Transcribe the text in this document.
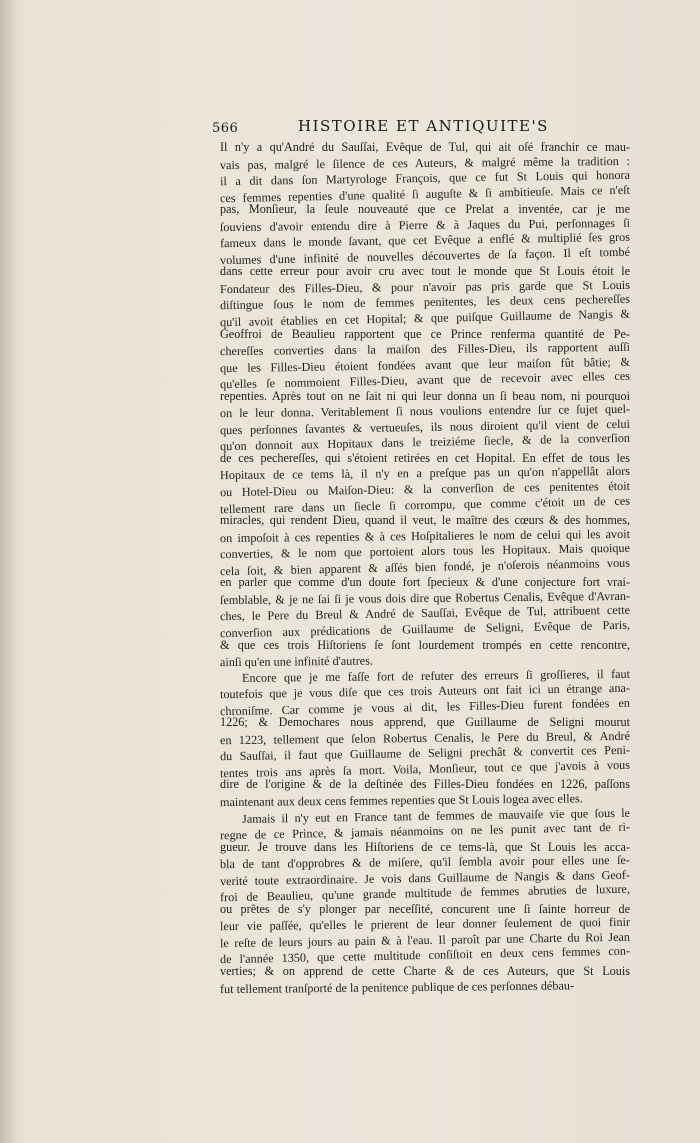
566	HISTOIRE ET ANTIQUITE'S
Il n'y a qu'André du Sauſſai, Evêque de Tul, qui ait oſé franchir ce mau-
vais pas, malgré le ſilence de ces Auteurs, & malgré même la tradition :
il a dit dans ſon Martyrologe François, que ce fut St Louis qui honora
ces femmes repenties d'une qualité ſi auguſte & ſi ambitieuſe. Mais ce n'eſt
pas, Monſieur, la ſeule nouveauté que ce Prelat a inventée, car je me
ſouviens d'avoir entendu dire à Pierre & à Jaques du Pui, perſonnages ſi
fameux dans le monde ſavant, que cet Evêque a enflé & multiplié ſes gros
volumes d'une infinité de nouvelles découvertes de ſa façon. Il eſt tombé
dans cette erreur pour avoir cru avec tout le monde que St Louis étoit le
Fondateur des Filles-Dieu, & pour n'avoir pas pris garde que St Louis
diſtingue ſous le nom de femmes penitentes, les deux cens pechereſſes
qu'il avoit établies en cet Hopital; & que puiſque Guillaume de Nangis &
Geoffroi de Beaulieu rapportent que ce Prince renferma quantité de Pe-
chereſſes converties dans la maiſon des Filles-Dieu, ils rapportent auſſi
que les Filles-Dieu étoient fondées avant que leur maiſon fût bâtie; &
qu'elles ſe nommoient Filles-Dieu, avant que de recevoir avec elles ces
repenties. Après tout on ne ſait ni qui leur donna un ſi beau nom, ni pourquoi
on le leur donna. Veritablement ſi nous voulions entendre ſur ce ſujet quel-
ques perſonnes ſavantes & vertueuſes, ils nous diroient qu'il vient de celui
qu'on donnoit aux Hopitaux dans le treiziéme ſiecle, & de la converſion
de ces pechereſſes, qui s'étoient retirées en cet Hopital. En effet de tous les
Hopitaux de ce tems là, il n'y en a preſque pas un qu'on n'appellât alors
ou Hotel-Dieu ou Maiſon-Dieu: & la converſion de ces penitentes étoit
tellement rare dans un ſiecle ſi corrompu, que comme c'étoit un de ces
miracles, qui rendent Dieu, quand il veut, le maître des cœurs & des hommes,
on impoſoit à ces repenties & à ces Hoſpitalieres le nom de celui qui les avoit
converties, & le nom que portoient alors tous les Hopitaux. Mais quoique
cela ſoit, & bien apparent & aſſés bien fondé, je n'oſerois néanmoins vous
en parler que comme d'un doute fort ſpecieux & d'une conjecture fort vrai-
ſemblable, & je ne ſai ſi je vous dois dire que Robertus Cenalis, Evêque d'Avran-
ches, le Pere du Breul & André de Sauſſai, Evêque de Tul, attribuent cette
converſion aux prédications de Guillaume de Seligni, Evêque de Paris,
& que ces trois Hiſtoriens ſe ſont lourdement trompés en cette rencontre,
ainſi qu'en une infinité d'autres.
Encore que je me faſſe fort de refuter des erreurs ſi groſſieres, il faut
toutefois que je vous diſe que ces trois Auteurs ont fait ici un étrange ana-
chroniſme. Car comme je vous ai dit, les Filles-Dieu furent fondées en
1226; & Demochares nous apprend, que Guillaume de Seligni mourut
en 1223, tellement que ſelon Robertus Cenalis, le Pere du Breul, & André
du Sauſſai, il faut que Guillaume de Seligni prechât & convertit ces Peni-
tentes trois ans après ſa mort. Voila, Monſieur, tout ce que j'avois à vous
dire de l'origine & de la deſtinée des Filles-Dieu fondées en 1226, paſſons
maintenant aux deux cens femmes repenties que St Louis logea avec elles.
Jamais il n'y eut en France tant de femmes de mauvaiſe vie que ſous le
regne de ce Prince, & jamais néanmoins on ne les punit avec tant de ri-
gueur. Je trouve dans les Hiſtoriens de ce tems-là, que St Louis les acca-
bla de tant d'opprobres & de miſere, qu'il ſembla avoir pour elles une ſe-
verité toute extraordinaire. Je vois dans Guillaume de Nangis & dans Geof-
froi de Beaulieu, qu'une grande multitude de femmes abruties de luxure,
ou prêtes de s'y plonger par neceſſité, concurent une ſi ſainte horreur de
leur vie paſſée, qu'elles le prierent de leur donner ſeulement de quoi finir
le reſte de leurs jours au pain & à l'eau. Il paroît par une Charte du Roi Jean
de l'année 1350, que cette multitude conſiſtoit en deux cens femmes con-
verties; & on apprend de cette Charte & de ces Auteurs, que St Louis
fut tellement tranſporté de la penitence publique de ces perſonnes débau-
